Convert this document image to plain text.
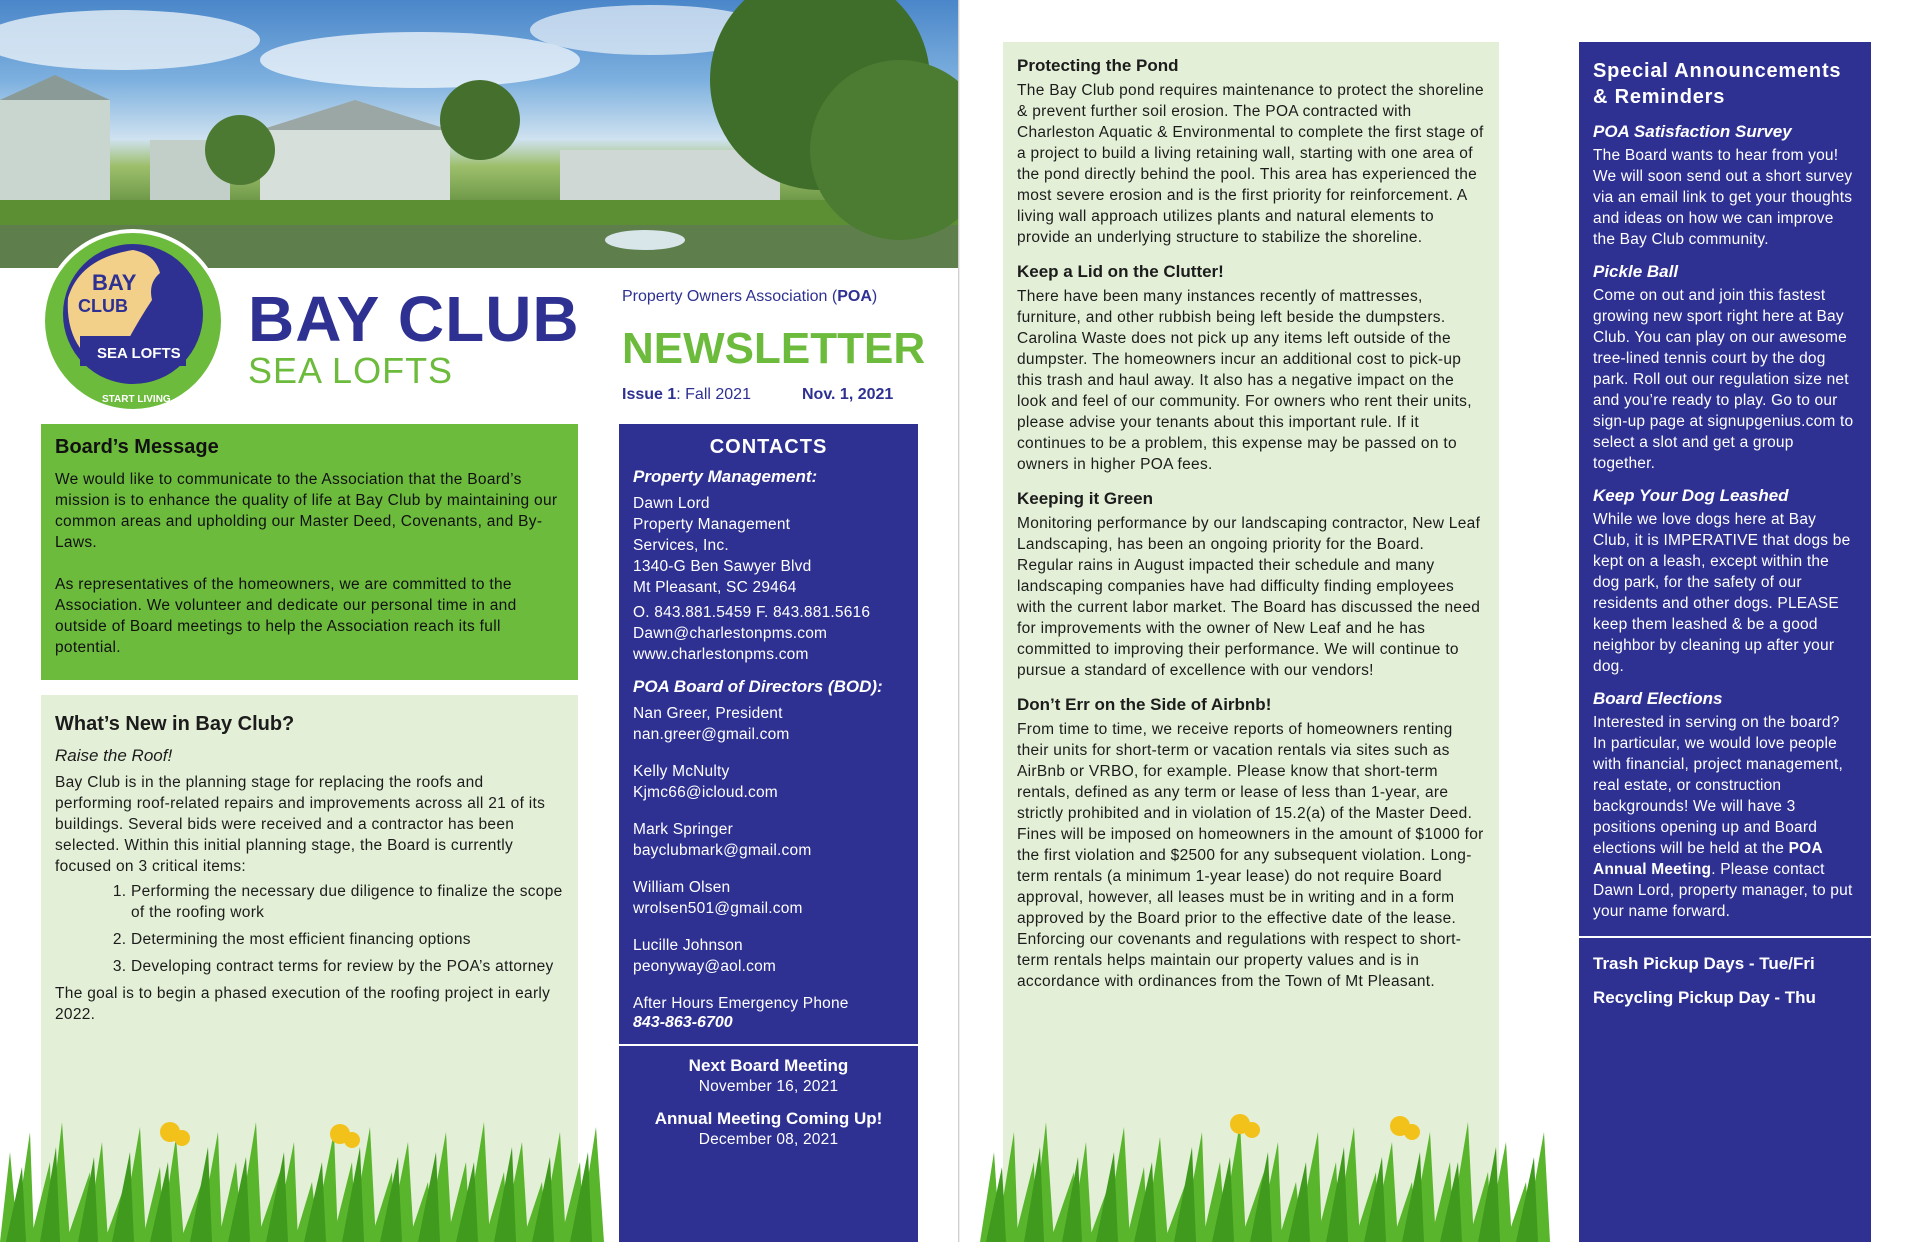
BAY
CLUB
SEA LOFTS
START LIVING
BAY CLUB
SEA LOFTS
Property Owners Association (POA)
NEWSLETTER
Issue 1: Fall 2021	Nov. 1, 2021
Board’s Message

We would like to communicate to the Association that the Board’s mission is to enhance the quality of life at Bay Club by maintaining our common areas and upholding our Master Deed, Covenants, and By-Laws.

As representatives of the homeowners, we are committed to the Association. We volunteer and dedicate our personal time in and outside of Board meetings to help the Association reach its full potential.

What’s New in Bay Club?

Raise the Roof!

Bay Club is in the planning stage for replacing the roofs and performing roof-related repairs and improvements across all 21 of its buildings. Several bids were received and a contractor has been selected. Within this initial planning stage, the Board is currently focused on 3 critical items:

1. Performing the necessary due diligence to finalize the scope of the roofing work
2. Determining the most efficient financing options
3. Developing contract terms for review by the POA’s attorney

The goal is to begin a phased execution of the roofing project in early 2022.

CONTACTS
Property Management:
Dawn Lord
Property Management
Services, Inc.
1340-G Ben Sawyer Blvd
Mt Pleasant, SC 29464
O. 843.881.5459 F. 843.881.5616
Dawn@charlestonpms.com
www.charlestonpms.com
POA Board of Directors (BOD):
Nan Greer, President
nan.greer@gmail.com
Kelly McNulty
Kjmc66@icloud.com
Mark Springer
bayclubmark@gmail.com
William Olsen
wrolsen501@gmail.com
Lucille Johnson
peonyway@aol.com
After Hours Emergency Phone
843-863-6700
Next Board Meeting
November 16, 2021
Annual Meeting Coming Up!
December 08, 2021
Protecting the Pond

The Bay Club pond requires maintenance to protect the shoreline & prevent further soil erosion. The POA contracted with Charleston Aquatic & Environmental to complete the first stage of a project to build a living retaining wall, starting with one area of the pond directly behind the pool. This area has experienced the most severe erosion and is the first priority for reinforcement. A living wall approach utilizes plants and natural elements to provide an underlying structure to stabilize the shoreline.

Keep a Lid on the Clutter!

There have been many instances recently of mattresses, furniture, and other rubbish being left beside the dumpsters. Carolina Waste does not pick up any items left outside of the dumpster. The homeowners incur an additional cost to pick-up this trash and haul away. It also has a negative impact on the look and feel of our community. For owners who rent their units, please advise your tenants about this important rule. If it continues to be a problem, this expense may be passed on to owners in higher POA fees.

Keeping it Green

Monitoring performance by our landscaping contractor, New Leaf Landscaping, has been an ongoing priority for the Board. Regular rains in August impacted their schedule and many landscaping companies have had difficulty finding employees with the current labor market. The Board has discussed the need for improvements with the owner of New Leaf and he has committed to improving their performance. We will continue to pursue a standard of excellence with our vendors!

Don’t Err on the Side of Airbnb!

From time to time, we receive reports of homeowners renting their units for short-term or vacation rentals via sites such as AirBnb or VRBO, for example. Please know that short-term rentals, defined as any term or lease of less than 1-year, are strictly prohibited and in violation of 15.2(a) of the Master Deed. Fines will be imposed on homeowners in the amount of $1000 for the first violation and $2500 for any subsequent violation. Long-term rentals (a minimum 1-year lease) do not require Board approval, however, all leases must be in writing and in a form approved by the Board prior to the effective date of the lease. Enforcing our covenants and regulations with respect to short-term rentals helps maintain our property values and is in accordance with ordinances from the Town of Mt Pleasant.

Special Announcements & Reminders
POA Satisfaction Survey
The Board wants to hear from you! We will soon send out a short survey via an email link to get your thoughts and ideas on how we can improve the Bay Club community.
Pickle Ball
Come on out and join this fastest growing new sport right here at Bay Club. You can play on our awesome tree-lined tennis court by the dog park. Roll out our regulation size net and you’re ready to play. Go to our sign-up page at signupgenius.com to select a slot and get a group together.
Keep Your Dog Leashed
While we love dogs here at Bay Club, it is IMPERATIVE that dogs be kept on a leash, except within the dog park, for the safety of our residents and other dogs. PLEASE keep them leashed & be a good neighbor by cleaning up after your dog.
Board Elections
Interested in serving on the board? In particular, we would love people with financial, project management, real estate, or construction backgrounds! We will have 3 positions opening up and Board elections will be held at the POA Annual Meeting. Please contact Dawn Lord, property manager, to put your name forward.
Trash Pickup Days - Tue/Fri
Recycling Pickup Day - Thu
